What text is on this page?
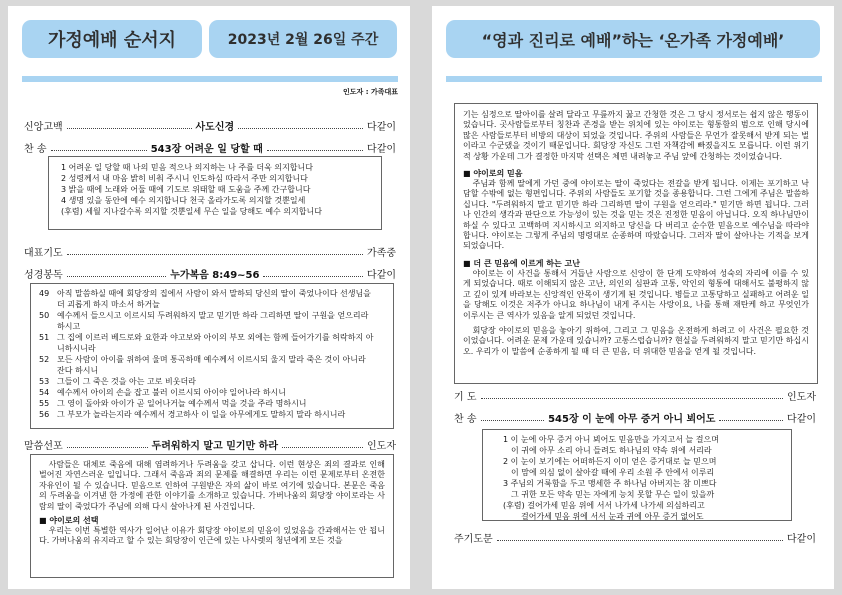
가정예배 순서지	2023년 2월 26일 주간
인도자 : 가족대표
신앙고백	사도신경	다같이
찬 송	543장 어려운 일 당할 때	다같이
1 어려운 일 당할 때 나의 믿음 적으나 의지하는 나 주를 더욱 의지합니다
2 성령께서 내 마음 밝히 비춰 주시니 인도하심 따라서 주만 의지합니다
3 밝을 때에 노래와 어둘 때에 기도로 위태할 때 도움을 주께 간구합니다
4 생명 있을 동안에 예수 의지합니다 천국 올라가도록 의지할 것뿐일세
(후렴) 세월 지나갈수록 의지할 것뿐일세 무슨 일을 당해도 예수 의지합니다
대표기도	가족중
성경봉독	누가복음 8:49~56	다같이
49 아직 말씀하실 때에 회당장의 집에서 사람이 와서 말하되 당신의 딸이 죽었나이다 선생님을
더 괴롭게 하지 마소서 하거늘
50 예수께서 들으시고 이르시되 두려워하지 말고 믿기만 하라 그리하면 딸이 구원을 얻으리라
하시고
51 그 집에 이르러 베드로와 요한과 야고보와 아이의 부모 외에는 함께 들어가기를 허락하지 아
니하시니라
52 모든 사람이 아이를 위하여 울며 통곡하매 예수께서 이르시되 울지 말라 죽은 것이 아니라
잔다 하시니
53 그들이 그 죽은 것을 아는 고로 비웃더라
54 예수께서 아이의 손을 잡고 불러 이르시되 아이야 일어나라 하시니
55 그 영이 돌아와 아이가 곧 일어나거늘 예수께서 먹을 것을 주라 명하시니
56 그 부모가 놀라는지라 예수께서 경고하사 이 일을 아무에게도 말하지 말라 하시니라
말씀선포	두려워하지 말고 믿기만 하라	인도자
사람들은 대체로 죽음에 대해 염려하거나 두려움을 갖고 삽니다. 이런 현상은 죄의 결과로 인해 벌어진 자연스러운 일입니다. 그래서 죽음과 죄의 문제를 해결하면 우리는 이런 문제로부터 온전한 자유인이 될 수 있습니다. 믿음으로 인하여 구원받은 자의 삶이 바로 여기에 있습니다. 본문은 죽음의 두려움을 이겨낸 한 가정에 관한 이야기를 소개하고 있습니다. 가버나움의 회당장 야이로라는 사람의 딸이 죽었다가 주님에 의해 다시 살아나게 된 사건입니다.
■ 야이로의 선택
우리는 이번 특별한 역사가 일어난 이유가 회당장 야이로의 믿음이 있었음을 간과해서는 안 됩니다. 가버나움의 유지라고 할 수 있는 회당장이 인근에 있는 나사렛의 청년에게 모든 것을
“영과 진리로 예배”하는 ‘온가족 가정예배’
기는 심정으로 딸아이를 살려 달라고 무릎까지 꿇고 간청한 것은 그 당시 정서로는 쉽지 않은 행동이었습니다. 곳사람들로부터 칭찬과 존경을 받는 위치에 있는 야이로는 형통함의 범으로 인해 당시에 많은 사람들로부터 비방의 대상이 되었을 것입니다. 주위의 사람들은 무언가 잘못해서 받게 되는 벌이라고 수군댔을 것이기 때문입니다. 회당장 자신도 그런 자책감에 빠졌을지도 모릅니다. 이런 위기적 상황 가운데 그가 결정한 마지막 선택은 체면 내려놓고 주님 앞에 간청하는 것이었습니다.
■ 야이로의 믿음
주님과 함께 딸에게 가던 중에 야이로는 딸이 죽었다는 전갈을 받게 됩니다. 이제는 포기하고 낙담할 수밖에 없는 형편입니다. 주위의 사람들도 포기할 것을 종용합니다. 그런 그에게 주님은 말씀하십니다. "두려워하지 말고 믿기만 하라 그리하면 딸이 구원을 얻으리라." 믿기만 하면 됩니다. 그러나 인간의 생각과 판단으로 가능성이 있는 것을 믿는 것은 진정한 믿음이 아닙니다. 오직 하나님만이 하실 수 있다고 고백하며 지시하시고 의지하고 당신을 다 버리고 순수한 믿음으로 예수님을 따라야 합니다. 야이로는 그렇게 주님의 명령대로 순종하며 따랐습니다. 그러자 딸이 살아나는 기적을 보게 되었습니다.
■ 더 큰 믿음에 이르게 하는 고난
야이로는 이 사건을 통해서 거듭난 사람으로 신앙이 한 단계 도약하여 성숙의 자리에 이를 수 있게 되었습니다. 때로 이해되지 않은 고난, 의인의 심판과 고통, 악인의 형통에 대해서도 불평하지 않고 깊이 있게 바라보는 신앙적인 안목이 생기게 된 것입니다. 병들고 고통당하고 실패하고 어려운 일을 당해도 이것은 저주가 아니요 하나님이 내게 주시는 사랑이요, 나를 통해 재탄케 하고 무엇인가 이루시는 큰 역사가 있음을 알게 되었던 것입니다.
회당장 야이로의 믿음을 놓아기 위하여, 그리고 그 믿음을 온전하게 하려고 이 사건은 필요한 것이었습니다. 어려운 문제 가운데 있습니까? 고통스럽습니까? 현실을 두려워하지 말고 믿기만 하십시오. 우리가 이 말씀에 순종하게 될 때 더 큰 믿음, 더 위대한 믿음을 얻게 될 것입니다.
기 도	인도자
찬 송	545장 이 눈에 아무 증거 아니 뵈어도	다같이
1 이 눈에 아무 증거 아니 뵈어도 믿음만을 가지고서 늘 걸으며
이 귀에 아무 소리 아니 들려도 하나님의 약속 위에 서리라
2 이 눈이 보기에는 어떠하든지 이미 얻은 증거대로 늘 믿으며
이 맘에 의심 없이 살아갈 때에 우리 소원 주 안에서 이루리
3 주님의 거룩함을 두고 맹세한 주 하나님 아버지는 참 미쁘다
그 귀한 모든 약속 믿는 자에게 능치 못할 무슨 일이 있을까
(후렴) 걸어가세 믿음 위에 서서 나가세 나가세 의심하리고
걸어가세 믿음 위에 서서 눈과 귀에 아무 증거 없어도
주기도문	다같이
